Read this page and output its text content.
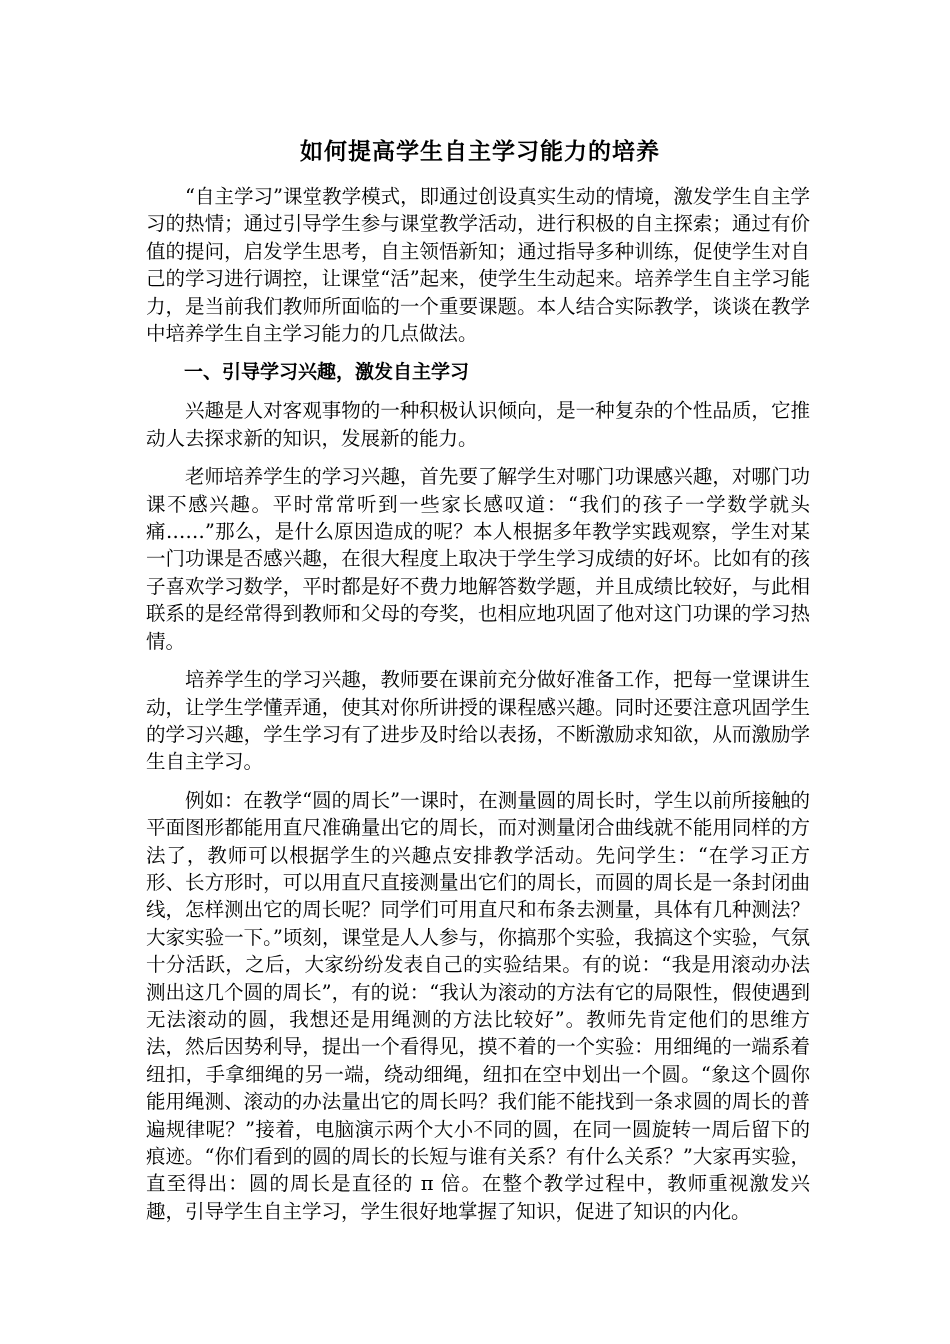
如何提高学生自主学习能力的培养

“自主学习”课堂教学模式，即通过创设真实生动的情境，激发学生自主学习的热情；通过引导学生参与课堂教学活动，进行积极的自主探索；通过有价值的提问，启发学生思考，自主领悟新知；通过指导多种训练，促使学生对自己的学习进行调控，让课堂“活”起来，使学生生动起来。培养学生自主学习能力，是当前我们教师所面临的一个重要课题。本人结合实际教学，谈谈在教学中培养学生自主学习能力的几点做法。

一、引导学习兴趣，激发自主学习

兴趣是人对客观事物的一种积极认识倾向，是一种复杂的个性品质，它推动人去探求新的知识，发展新的能力。

老师培养学生的学习兴趣，首先要了解学生对哪门功课感兴趣，对哪门功课不感兴趣。平时常常听到一些家长感叹道：“我们的孩子一学数学就头痛……”那么，是什么原因造成的呢？本人根据多年教学实践观察，学生对某一门功课是否感兴趣，在很大程度上取决于学生学习成绩的好坏。比如有的孩子喜欢学习数学，平时都是好不费力地解答数学题，并且成绩比较好，与此相联系的是经常得到教师和父母的夸奖，也相应地巩固了他对这门功课的学习热情。

培养学生的学习兴趣，教师要在课前充分做好准备工作，把每一堂课讲生动，让学生学懂弄通，使其对你所讲授的课程感兴趣。同时还要注意巩固学生的学习兴趣，学生学习有了进步及时给以表扬，不断激励求知欲，从而激励学生自主学习。

例如：在教学“圆的周长”一课时，在测量圆的周长时，学生以前所接触的平面图形都能用直尺准确量出它的周长，而对测量闭合曲线就不能用同样的方法了，教师可以根据学生的兴趣点安排教学活动。先问学生：“在学习正方形、长方形时，可以用直尺直接测量出它们的周长，而圆的周长是一条封闭曲线，怎样测出它的周长呢？同学们可用直尺和布条去测量，具体有几种测法？大家实验一下。”顷刻，课堂是人人参与，你搞那个实验，我搞这个实验，气氛十分活跃，之后，大家纷纷发表自己的实验结果。有的说：“我是用滚动办法测出这几个圆的周长”，有的说：“我认为滚动的方法有它的局限性，假使遇到无法滚动的圆，我想还是用绳测的方法比较好”。教师先肯定他们的思维方法，然后因势利导，提出一个看得见，摸不着的一个实验：用细绳的一端系着纽扣，手拿细绳的另一端，绕动细绳，纽扣在空中划出一个圆。“象这个圆你能用绳测、滚动的办法量出它的周长吗？我们能不能找到一条求圆的周长的普遍规律呢？”接着，电脑演示两个大小不同的圆，在同一圆旋转一周后留下的痕迹。“你们看到的圆的周长的长短与谁有关系？有什么关系？”大家再实验，直至得出：圆的周长是直径的 π 倍。在整个教学过程中，教师重视激发兴趣，引导学生自主学习，学生很好地掌握了知识，促进了知识的内化。
